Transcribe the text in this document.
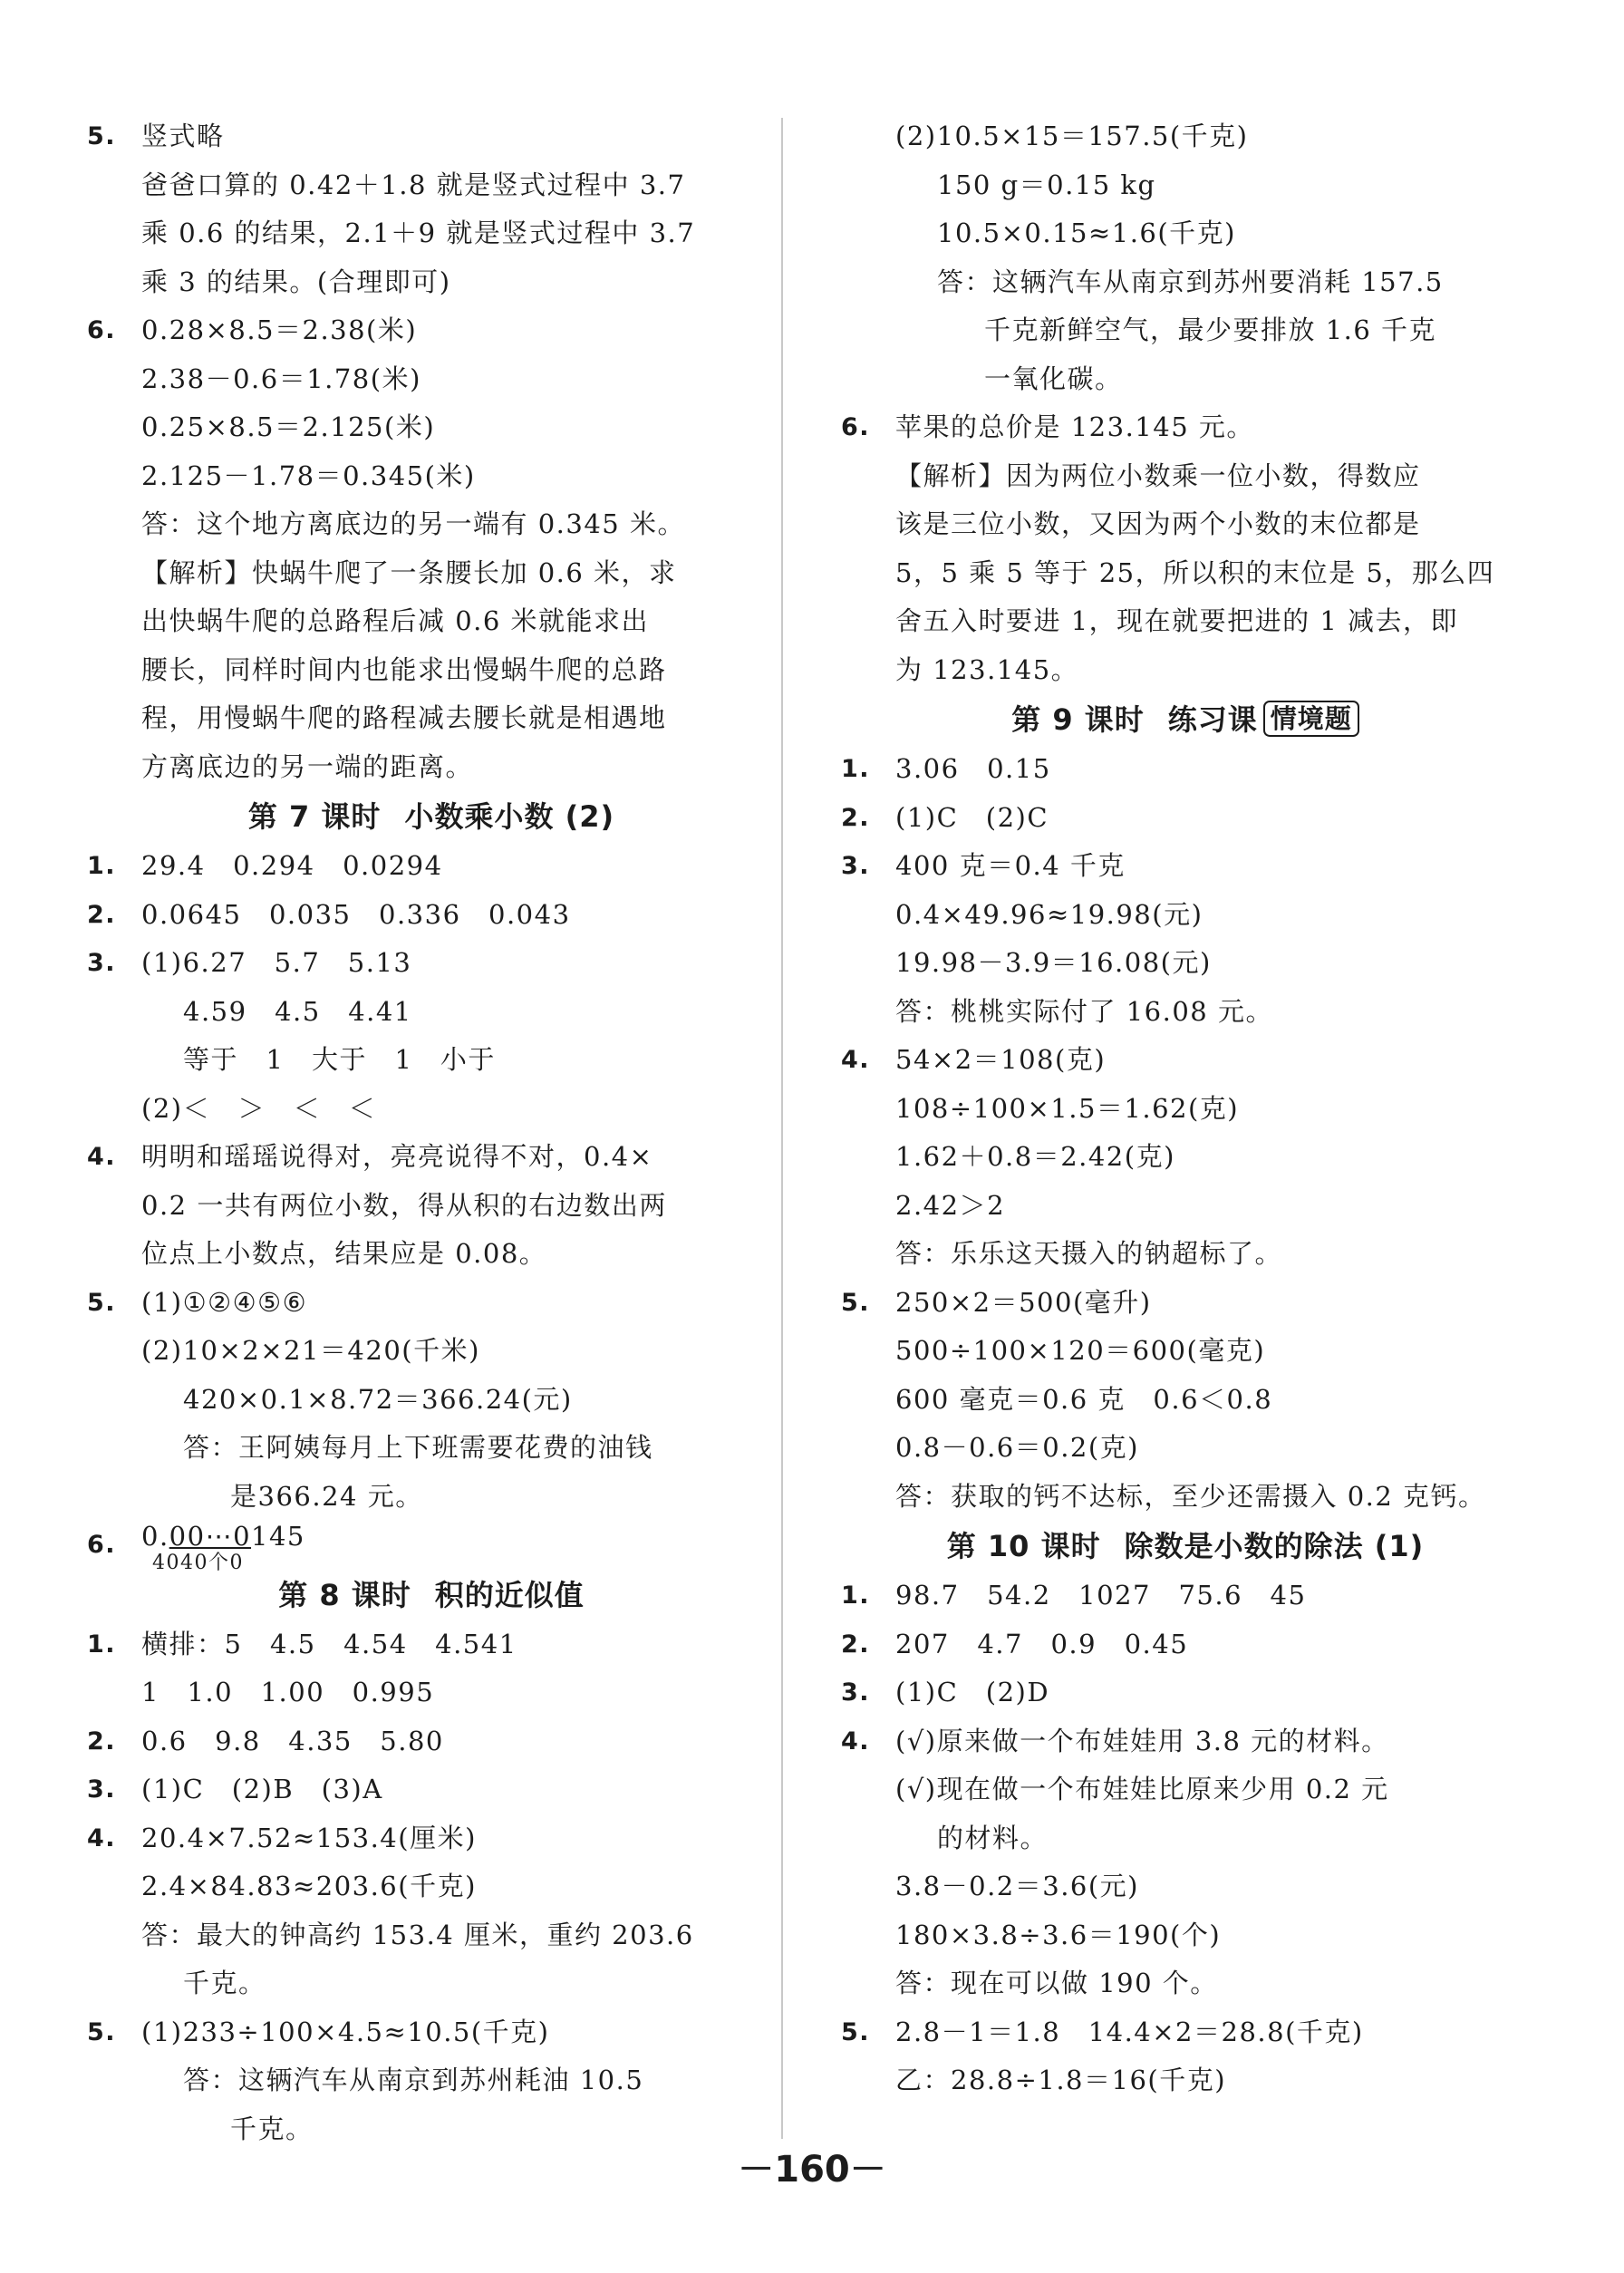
5. 竖式略
爸爸口算的 0.42＋1.8 就是竖式过程中 3.7
乘 0.6 的结果，2.1＋9 就是竖式过程中 3.7
乘 3 的结果。(合理即可)
6. 0.28×8.5＝2.38(米)
2.38－0.6＝1.78(米)
0.25×8.5＝2.125(米)
2.125－1.78＝0.345(米)
答：这个地方离底边的另一端有 0.345 米。
【解析】快蜗牛爬了一条腰长加 0.6 米，求
出快蜗牛爬的总路程后减 0.6 米就能求出
腰长，同样时间内也能求出慢蜗牛爬的总路
程，用慢蜗牛爬的路程减去腰长就是相遇地
方离底边的另一端的距离。
第 7 课时 小数乘小数 (2)
1. 29.4　0.294　0.0294
2. 0.0645　0.035　0.336　0.043
3. (1)6.27　5.7　5.13
4.59　4.5　4.41
等于　1　大于　1　小于
(2)＜　＞　＜　＜
4. 明明和瑶瑶说得对，亮亮说得不对，0.4×
0.2 一共有两位小数，得从积的右边数出两
位点上小数点，结果应是 0.08。
5. (1)①②④⑤⑥
(2)10×2×21＝420(千米)
420×0.1×8.72＝366.24(元)
答：王阿姨每月上下班需要花费的油钱
是366.24 元。
6. 0.00⋯0145
4040个0
第 8 课时 积的近似值
1. 横排：5　4.5　4.54　4.541
1　1.0　1.00　0.995
2. 0.6　9.8　4.35　5.80
3. (1)C　(2)B　(3)A
4. 20.4×7.52≈153.4(厘米)
2.4×84.83≈203.6(千克)
答：最大的钟高约 153.4 厘米，重约 203.6
千克。
5. (1)233÷100×4.5≈10.5(千克)
答：这辆汽车从南京到苏州耗油 10.5
千克。
(2)10.5×15＝157.5(千克)
150 g＝0.15 kg
10.5×0.15≈1.6(千克)
答：这辆汽车从南京到苏州要消耗 157.5
千克新鲜空气，最少要排放 1.6 千克
一氧化碳。
6. 苹果的总价是 123.145 元。
【解析】因为两位小数乘一位小数，得数应
该是三位小数，又因为两个小数的末位都是
5，5 乘 5 等于 25，所以积的末位是 5，那么四
舍五入时要进 1，现在就要把进的 1 减去，即
为 123.145。
第 9 课时 练习课 情境题
1. 3.06　0.15
2. (1)C　(2)C
3. 400 克＝0.4 千克
0.4×49.96≈19.98(元)
19.98－3.9＝16.08(元)
答：桃桃实际付了 16.08 元。
4. 54×2＝108(克)
108÷100×1.5＝1.62(克)
1.62＋0.8＝2.42(克)
2.42＞2
答：乐乐这天摄入的钠超标了。
5. 250×2＝500(毫升)
500÷100×120＝600(毫克)
600 毫克＝0.6 克　0.6＜0.8
0.8－0.6＝0.2(克)
答：获取的钙不达标，至少还需摄入 0.2 克钙。
第 10 课时 除数是小数的除法 (1)
1. 98.7　54.2　1027　75.6　45
2. 207　4.7　0.9　0.45
3. (1)C　(2)D
4. (√)原来做一个布娃娃用 3.8 元的材料。
(√)现在做一个布娃娃比原来少用 0.2 元
的材料。
3.8－0.2＝3.6(元)
180×3.8÷3.6＝190(个)
答：现在可以做 190 个。
5. 2.8－1＝1.8　14.4×2＝28.8(千克)
乙：28.8÷1.8＝16(千克)
－160－
